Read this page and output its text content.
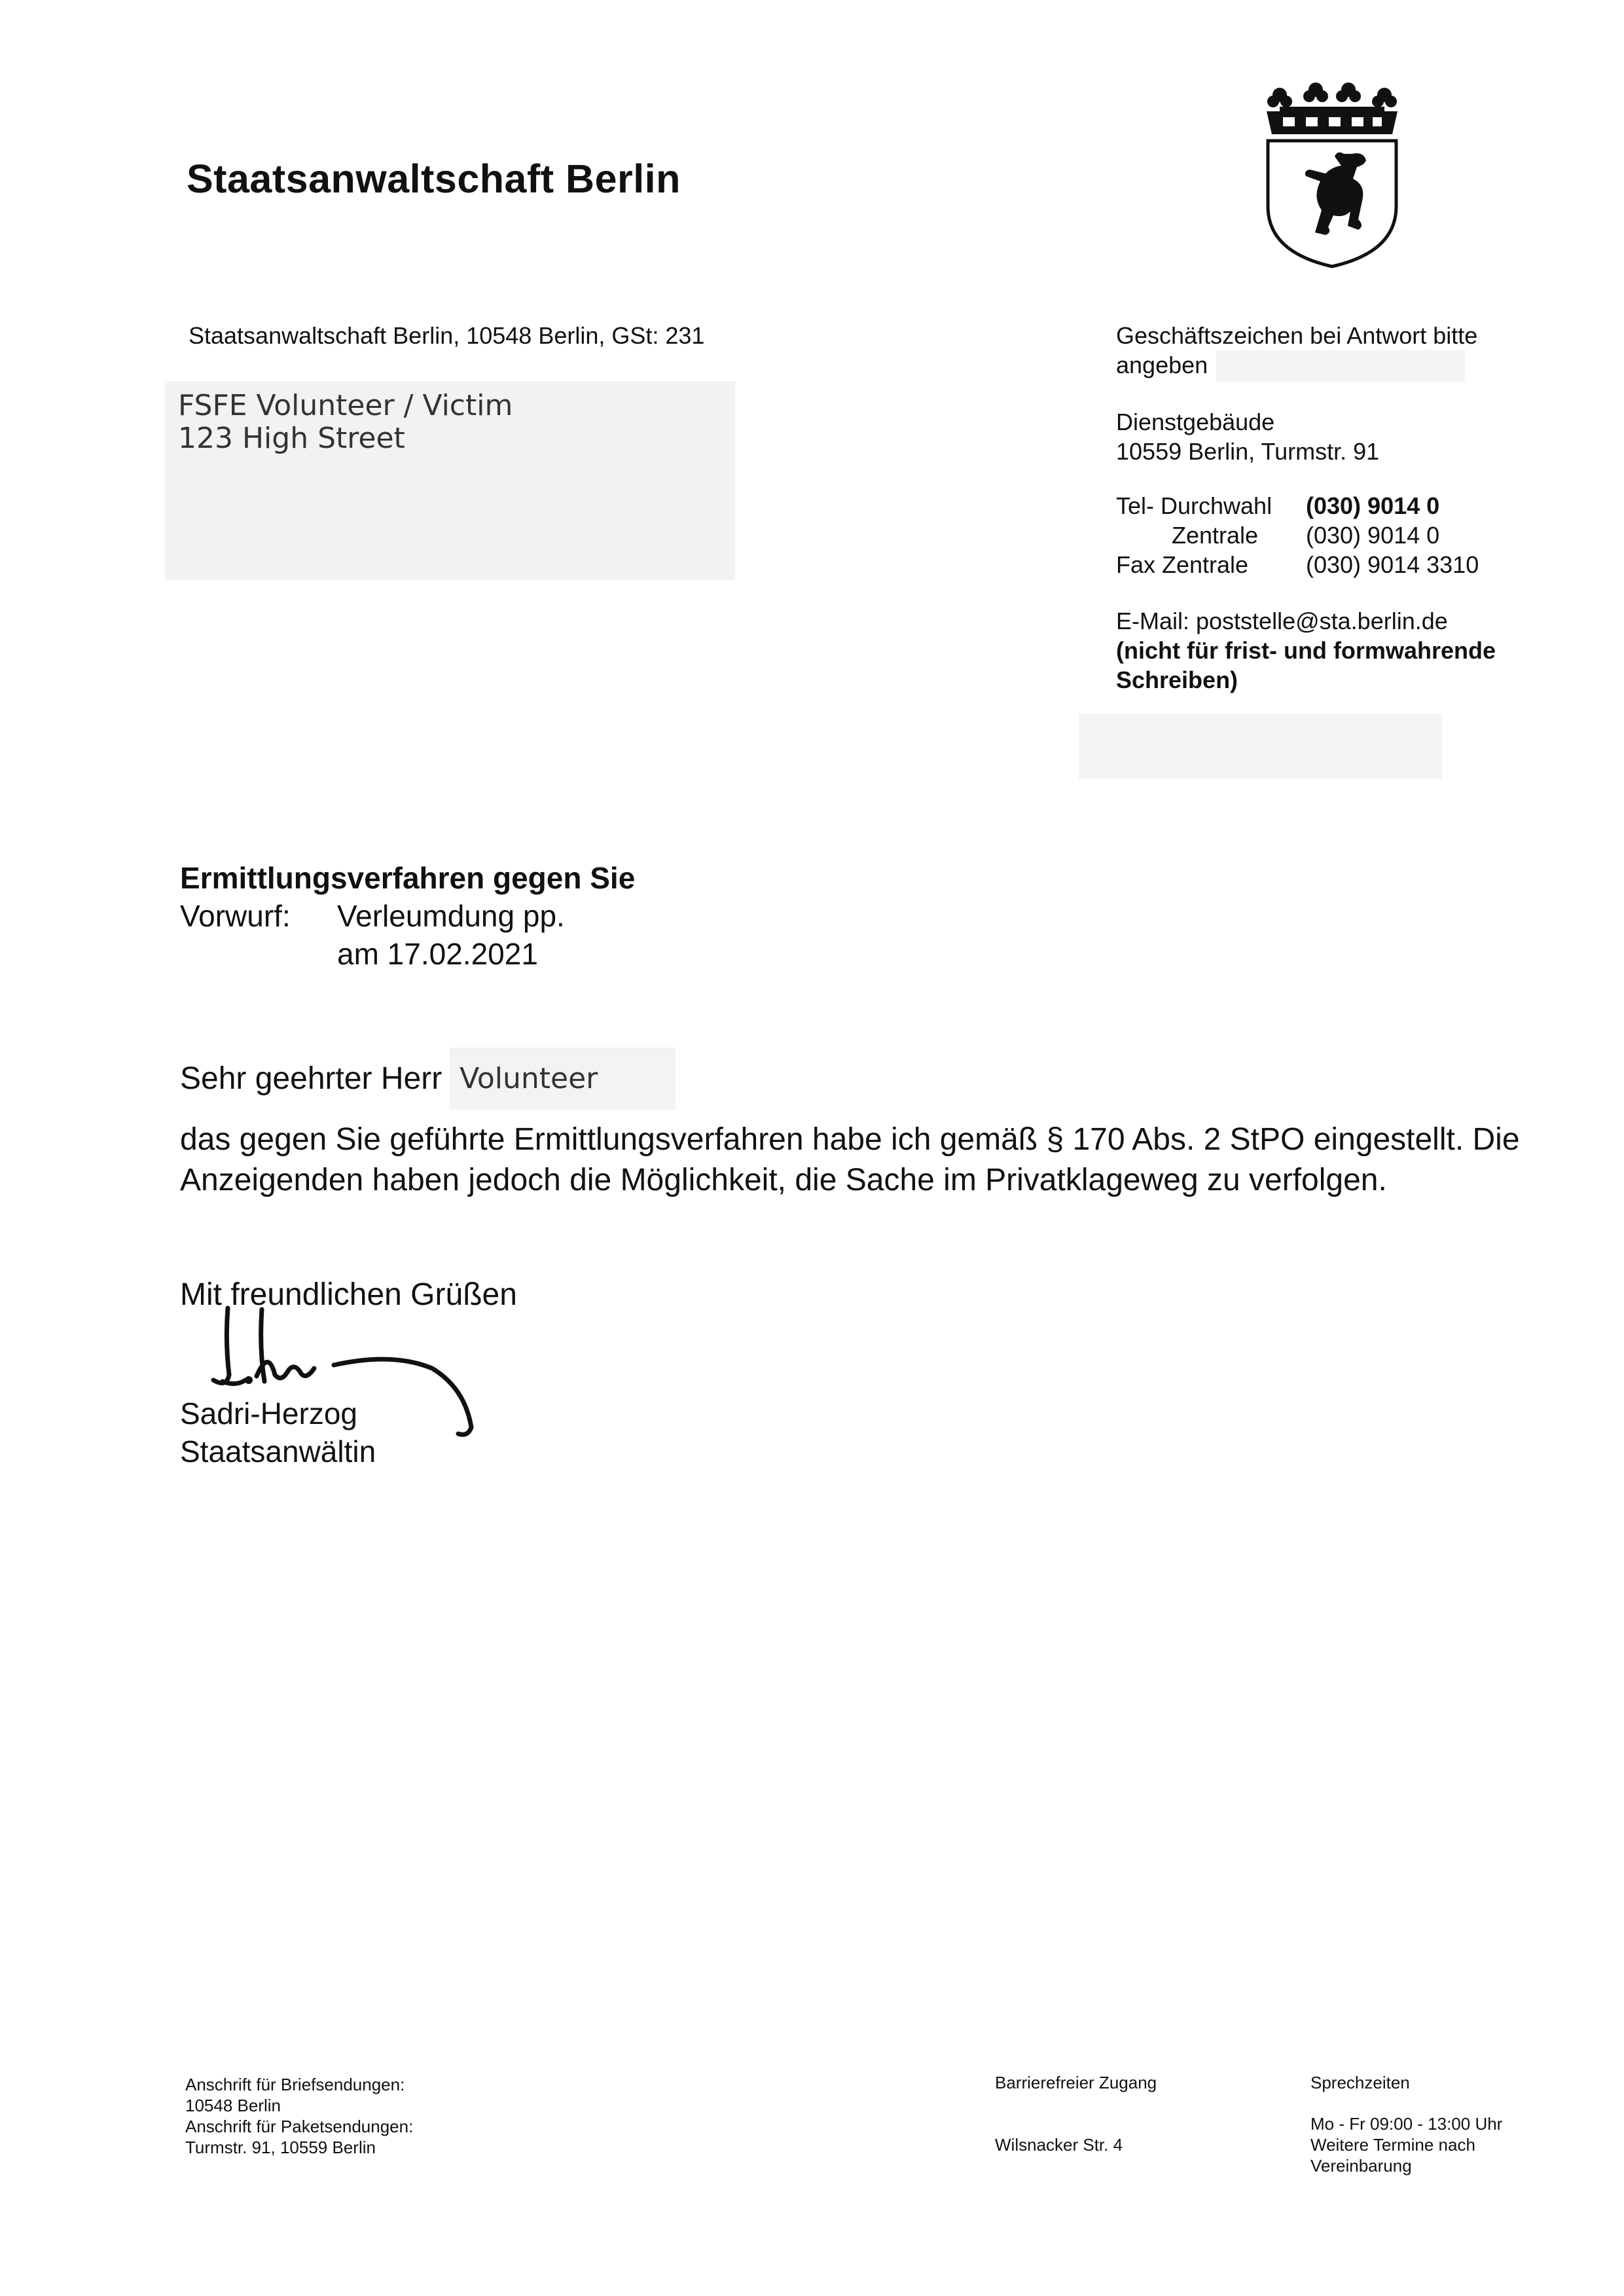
Staatsanwaltschaft Berlin
Staatsanwaltschaft Berlin, 10548 Berlin, GSt: 231
FSFE Volunteer / Victim
123 High Street
Geschäftszeichen bei Antwort bitte angeben
Dienstgebäude
10559 Berlin, Turmstr. 91
Tel- Durchwahl	(030) 9014 0
Zentrale	(030) 9014 0
Fax Zentrale	(030) 9014 3310
E-Mail: poststelle@sta.berlin.de
(nicht für frist- und formwahrende Schreiben)
Ermittlungsverfahren gegen Sie
Vorwurf:	Verleumdung pp.
am 17.02.2021
Sehr geehrter Herr Volunteer
das gegen Sie geführte Ermittlungsverfahren habe ich gemäß § 170 Abs. 2 StPO eingestellt. Die Anzeigenden haben jedoch die Möglichkeit, die Sache im Privatklageweg zu verfolgen.
Mit freundlichen Grüßen
Sadri-Herzog
Staatsanwältin
Anschrift für Briefsendungen:
10548 Berlin
Anschrift für Paketsendungen:
Turmstr. 91, 10559 Berlin
Barrierefreier Zugang
Wilsnacker Str. 4
Sprechzeiten
Mo - Fr 09:00 - 13:00 Uhr
Weitere Termine nach Vereinbarung
